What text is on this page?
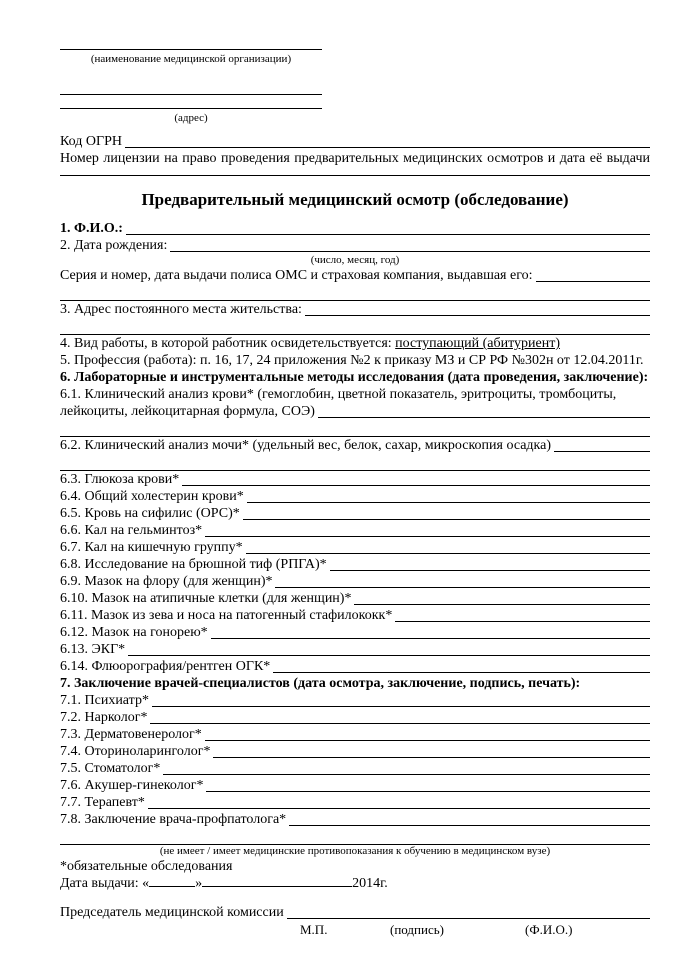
(наименование медицинской организации)
(адрес)
Код ОГРН
Номер лицензии на право проведения предварительных медицинских осмотров и дата её выдачи
Предварительный медицинский осмотр (обследование)
1. Ф.И.О.:
2. Дата рождения:
(число, месяц, год)
Серия и номер, дата выдачи полиса ОМС и страховая компания, выдавшая его:
3. Адрес постоянного места жительства:
4. Вид работы, в которой работник освидетельствуется: поступающий (абитуриент)
5. Профессия (работа): п. 16, 17, 24 приложения №2 к приказу МЗ и СР РФ №302н от 12.04.2011г.
6. Лабораторные и инструментальные методы исследования (дата проведения, заключение):
6.1. Клинический анализ крови* (гемоглобин, цветной показатель, эритроциты, тромбоциты,
лейкоциты, лейкоцитарная формула, СОЭ)
6.2. Клинический анализ мочи* (удельный вес, белок, сахар, микроскопия осадка)
6.3. Глюкоза крови*
6.4. Общий холестерин крови*
6.5. Кровь на сифилис (ОРС)*
6.6. Кал на гельминтоз*
6.7. Кал на кишечную группу*
6.8. Исследование на брюшной тиф (РПГА)*
6.9. Мазок на флору (для женщин)*
6.10. Мазок на атипичные клетки (для женщин)*
6.11. Мазок из зева и носа на патогенный стафилококк*
6.12. Мазок на гонорею*
6.13. ЭКГ*
6.14. Флюорография/рентген ОГК*
7. Заключение врачей-специалистов (дата осмотра, заключение, подпись, печать):
7.1. Психиатр*
7.2. Нарколог*
7.3. Дерматовенеролог*
7.4. Оториноларинголог*
7.5. Стоматолог*
7.6. Акушер-гинеколог*
7.7. Терапевт*
7.8. Заключение врача-профпатолога*
(не имеет / имеет медицинские противопоказания к обучению в медицинском вузе)
*обязательные обследования
Дата выдачи: «	»	2014г.
Председатель медицинской комиссии
М.П.	(подпись)	(Ф.И.О.)
